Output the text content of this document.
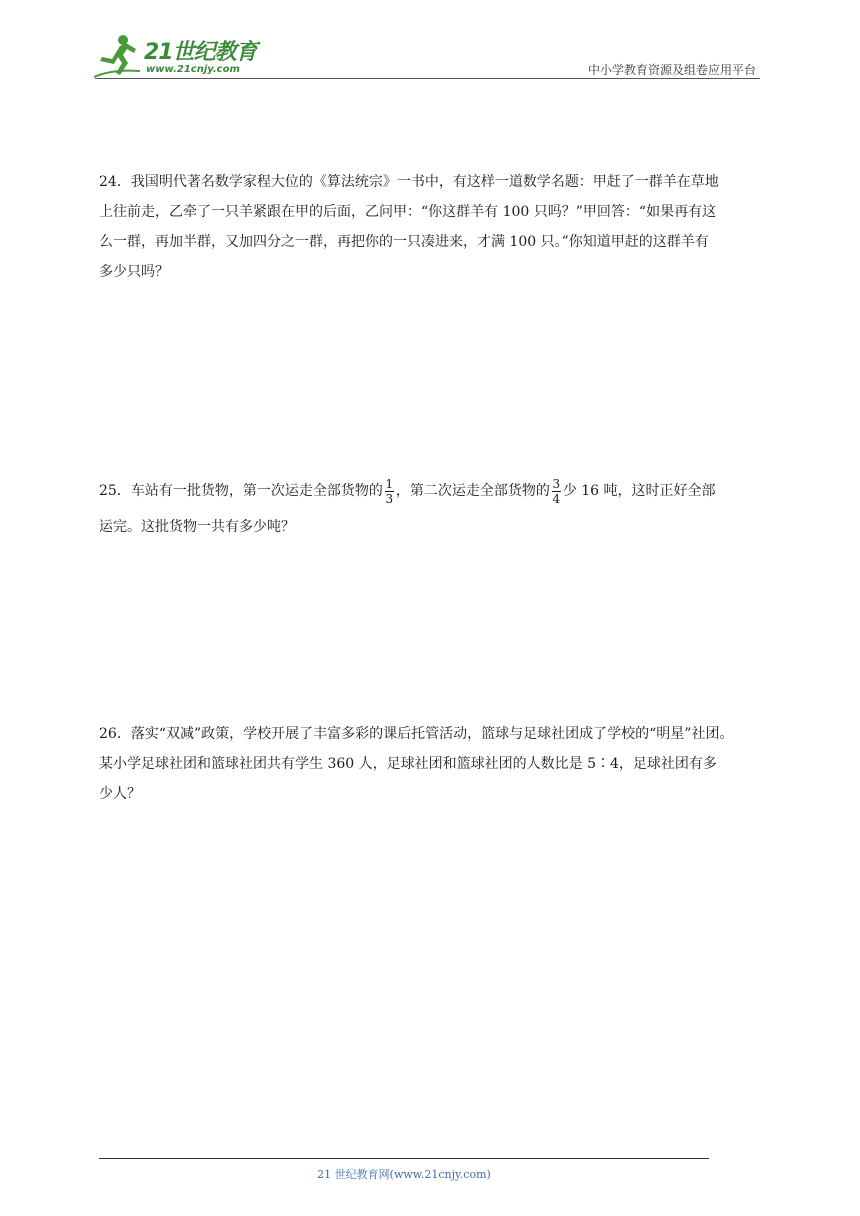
21世纪教育
www.21cnjy.com	中小学教育资源及组卷应用平台

24．我国明代著名数学家程大位的《算法统宗》一书中，有这样一道数学名题：甲赶了一群羊在草地

上往前走，乙牵了一只羊紧跟在甲的后面，乙问甲：“你这群羊有 100 只吗？”甲回答：“如果再有这

么一群，再加半群，又加四分之一群，再把你的一只凑进来，才满 100 只。”你知道甲赶的这群羊有

多少只吗？

25．车站有一批货物，第一次运走全部货物的 $\frac{1}{3}$ ，第二次运走全部货物的 $\frac{3}{4}$ 少 16 吨，这时正好全部

运完。这批货物一共有多少吨？

26．落实“双减”政策，学校开展了丰富多彩的课后托管活动，篮球与足球社团成了学校的“明星”社团。

某小学足球社团和篮球社团共有学生 360 人，足球社团和篮球社团的人数比是 5∶4，足球社团有多

少人？

21 世纪教育网(www.21cnjy.com)
